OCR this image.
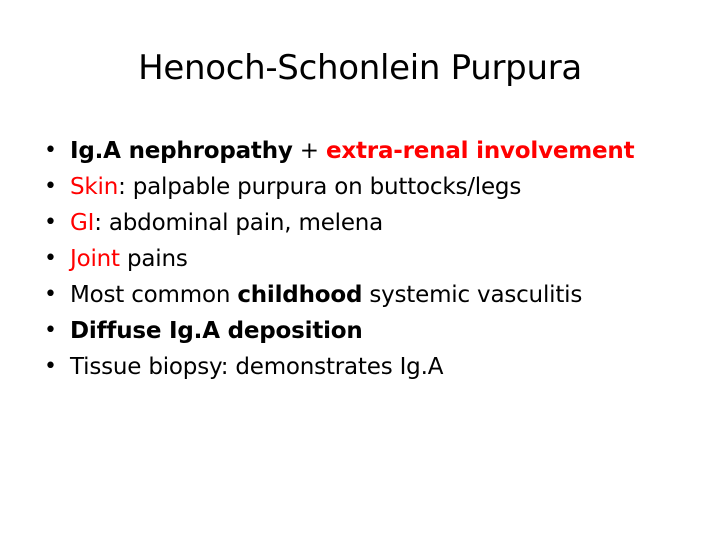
Henoch-Schonlein Purpura
• Ig.A nephropathy + extra-renal involvement
• Skin: palpable purpura on buttocks/legs
• GI: abdominal pain, melena
• Joint pains
• Most common childhood systemic vasculitis
• Diffuse Ig.A deposition
• Tissue biopsy: demonstrates Ig.A
